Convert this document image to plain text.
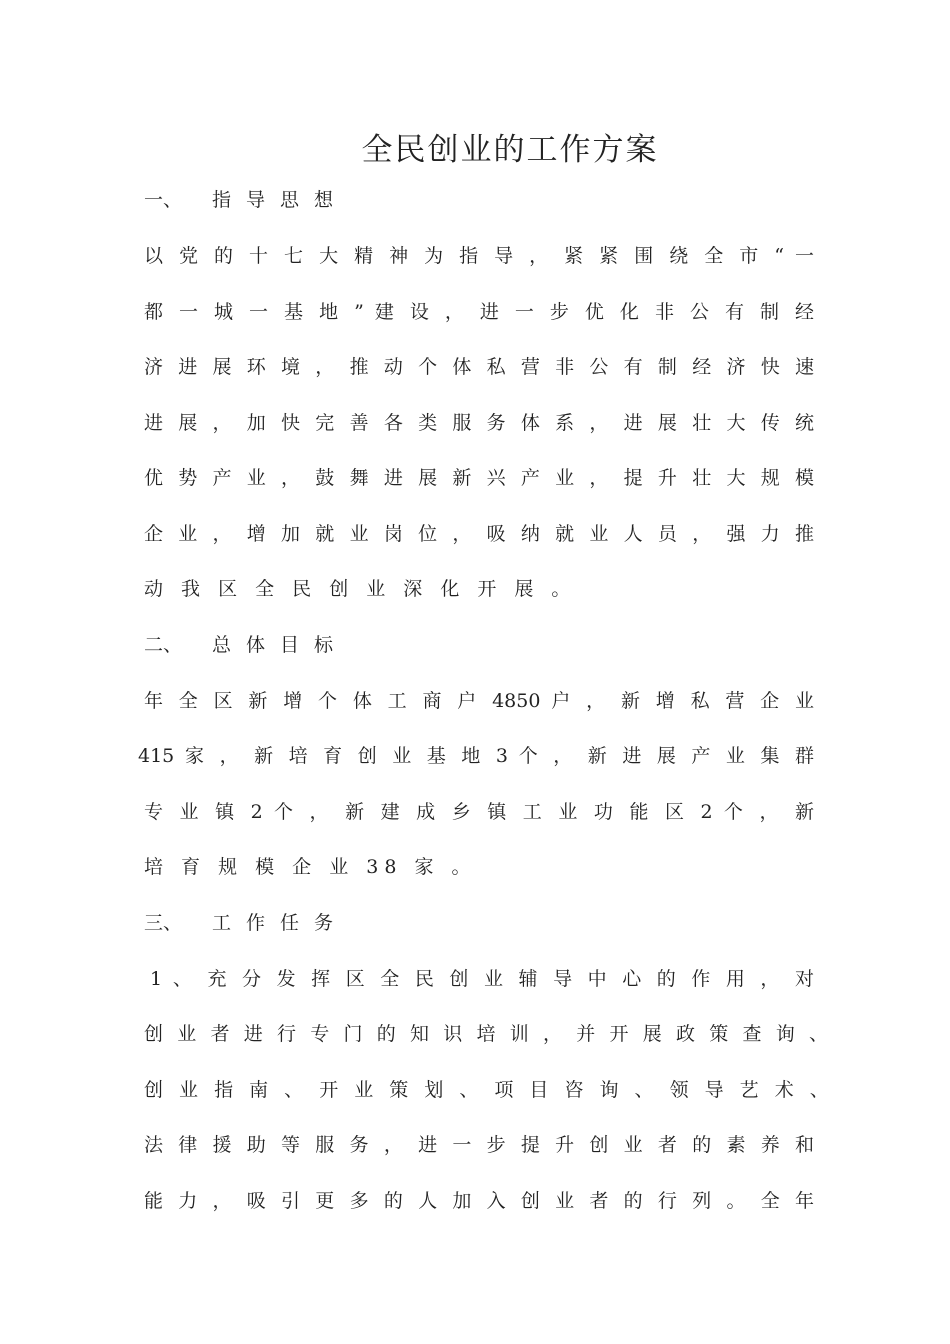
全民创业的工作方案
一、 指导思想
以 党 的 十 七 大 精 神 为 指 导 ， 紧 紧 围 绕 全 市 “ 一
都 一 城 一 基 地 ” 建 设 ， 进 一 步 优 化 非 公 有 制 经
济 进 展 环 境 ， 推 动 个 体 私 营 非 公 有 制 经 济 快 速
进 展 ， 加 快 完 善 各 类 服 务 体 系 ， 进 展 壮 大 传 统
优 势 产 业 ， 鼓 舞 进 展 新 兴 产 业 ， 提 升 壮 大 规 模
企 业 ， 增 加 就 业 岗 位 ， 吸 纳 就 业 人 员 ， 强 力 推
动 我 区 全 民 创 业 深 化 开 展 。
二、 总体目标
年 全 区 新 增 个 体 工 商 户 4850 户 ， 新 增 私 营 企 业
415 家 ， 新 培 育 创 业 基 地 3 个 ， 新 进 展 产 业 集 群
专 业 镇 2 个 ， 新 建 成 乡 镇 工 业 功 能 区 2 个 ， 新
培 育 规 模 企 业 38 家 。
三、 工作任务
1 、 充 分 发 挥 区 全 民 创 业 辅 导 中 心 的 作 用 ， 对
创 业 者 进 行 专 门 的 知 识 培 训 ， 并 开 展 政 策 查 询 、
创 业 指 南 、 开 业 策 划 、 项 目 咨 询 、 领 导 艺 术 、
法 律 援 助 等 服 务 ， 进 一 步 提 升 创 业 者 的 素 养 和
能 力 ， 吸 引 更 多 的 人 加 入 创 业 者 的 行 列 。 全 年
